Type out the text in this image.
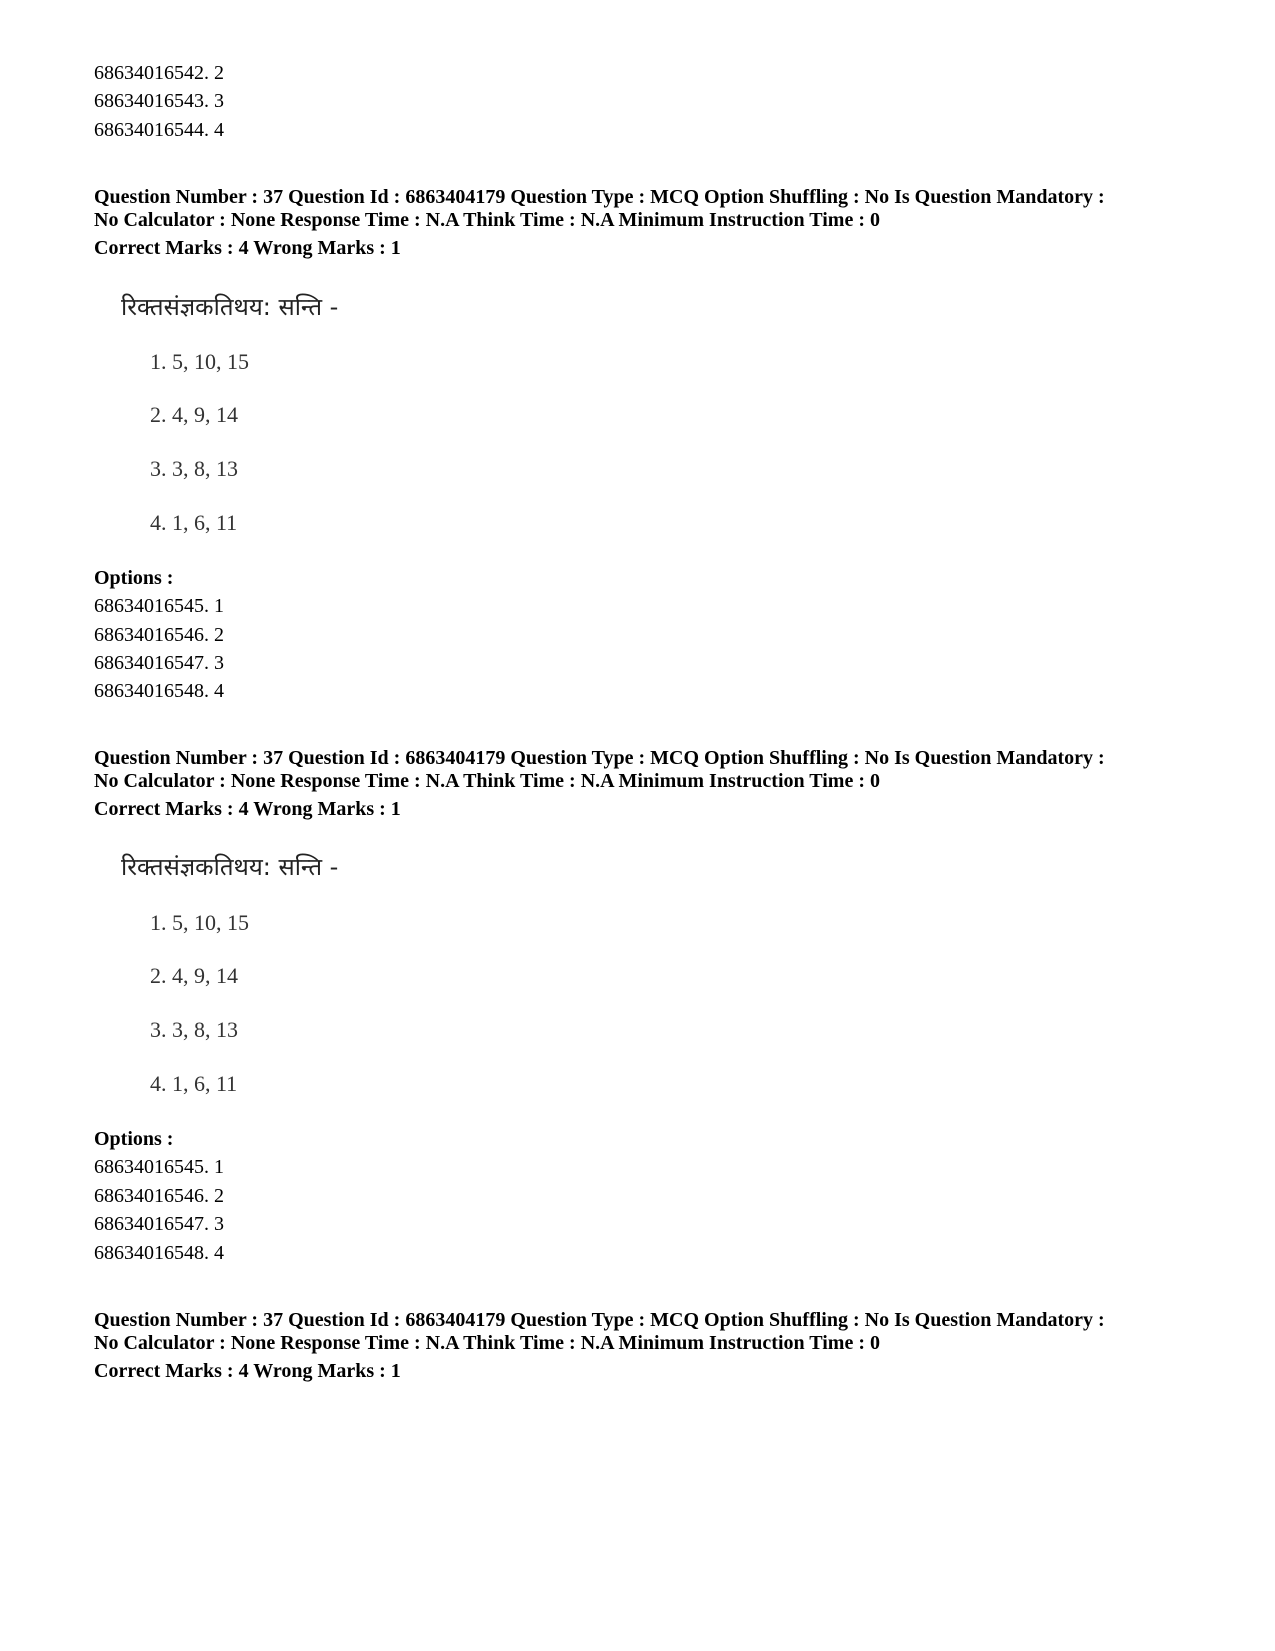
68634016542. 2
68634016543. 3
68634016544. 4
Question Number : 37 Question Id : 6863404179 Question Type : MCQ Option Shuffling : No Is Question Mandatory :
No Calculator : None Response Time : N.A Think Time : N.A Minimum Instruction Time : 0
Correct Marks : 4 Wrong Marks : 1
रिक्तसंज्ञकतिथय: सन्ति -
1. 5, 10, 15
2. 4, 9, 14
3. 3, 8, 13
4. 1, 6, 11
Options :
68634016545. 1
68634016546. 2
68634016547. 3
68634016548. 4
Question Number : 37 Question Id : 6863404179 Question Type : MCQ Option Shuffling : No Is Question Mandatory :
No Calculator : None Response Time : N.A Think Time : N.A Minimum Instruction Time : 0
Correct Marks : 4 Wrong Marks : 1
रिक्तसंज्ञकतिथय: सन्ति -
1. 5, 10, 15
2. 4, 9, 14
3. 3, 8, 13
4. 1, 6, 11
Options :
68634016545. 1
68634016546. 2
68634016547. 3
68634016548. 4
Question Number : 37 Question Id : 6863404179 Question Type : MCQ Option Shuffling : No Is Question Mandatory :
No Calculator : None Response Time : N.A Think Time : N.A Minimum Instruction Time : 0
Correct Marks : 4 Wrong Marks : 1
